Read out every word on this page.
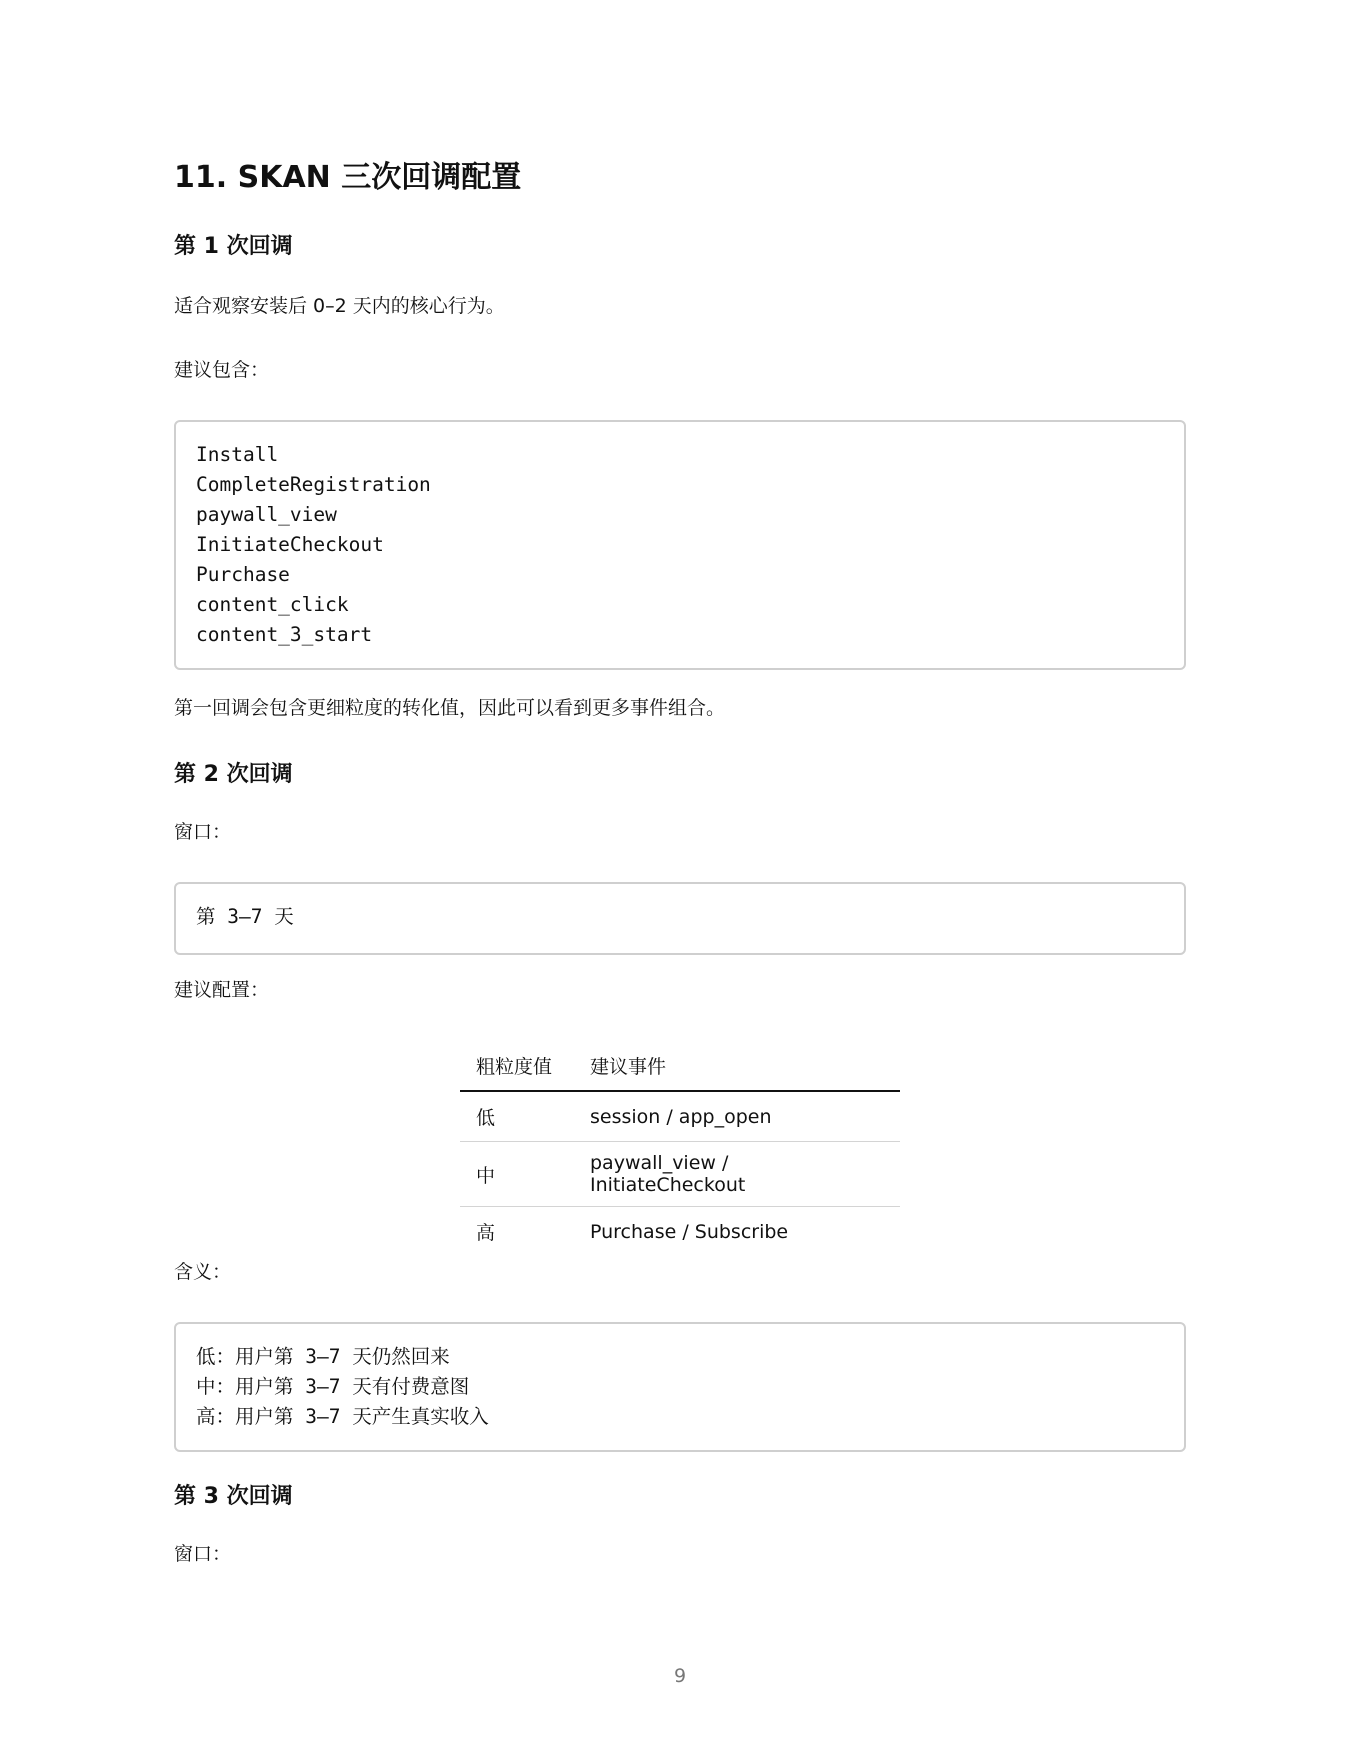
11. SKAN 三次回调配置
第 1 次回调

适合观察安装后 0–2 天内的核心行为。

建议包含：

Install
CompleteRegistration
paywall_view
InitiateCheckout
Purchase
content_click
content_3_start

第一回调会包含更细粒度的转化值，因此可以看到更多事件组合。

第 2 次回调

窗口：

第 3–7 天

建议配置：

粗粒度值	建议事件
低	session / app_open
中	paywall_view / InitiateCheckout
高	Purchase / Subscribe

含义：

低：用户第 3–7 天仍然回来
中：用户第 3–7 天有付费意图
高：用户第 3–7 天产生真实收入
第 3 次回调

窗口：

9
